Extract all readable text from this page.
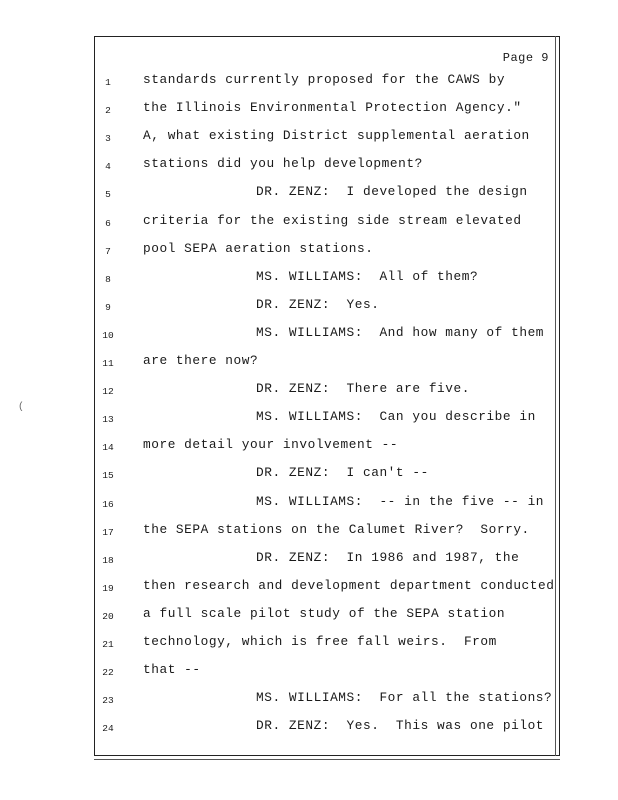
Page 9
1	standards currently proposed for the CAWS by
2	the Illinois Environmental Protection Agency."
3	A, what existing District supplemental aeration
4	stations did you help development?
5	DR. ZENZ:  I developed the design
6	criteria for the existing side stream elevated
7	pool SEPA aeration stations.
8	MS. WILLIAMS:  All of them?
9	DR. ZENZ:  Yes.
10	MS. WILLIAMS:  And how many of them
11	are there now?
12	DR. ZENZ:  There are five.
13	MS. WILLIAMS:  Can you describe in
14	more detail your involvement --
15	DR. ZENZ:  I can't --
16	MS. WILLIAMS:  -- in the five -- in
17	the SEPA stations on the Calumet River?  Sorry.
18	DR. ZENZ:  In 1986 and 1987, the
19	then research and development department conducted
20	a full scale pilot study of the SEPA station
21	technology, which is free fall weirs.  From
22	that --
23	MS. WILLIAMS:  For all the stations?
24	DR. ZENZ:  Yes.  This was one pilot
(
